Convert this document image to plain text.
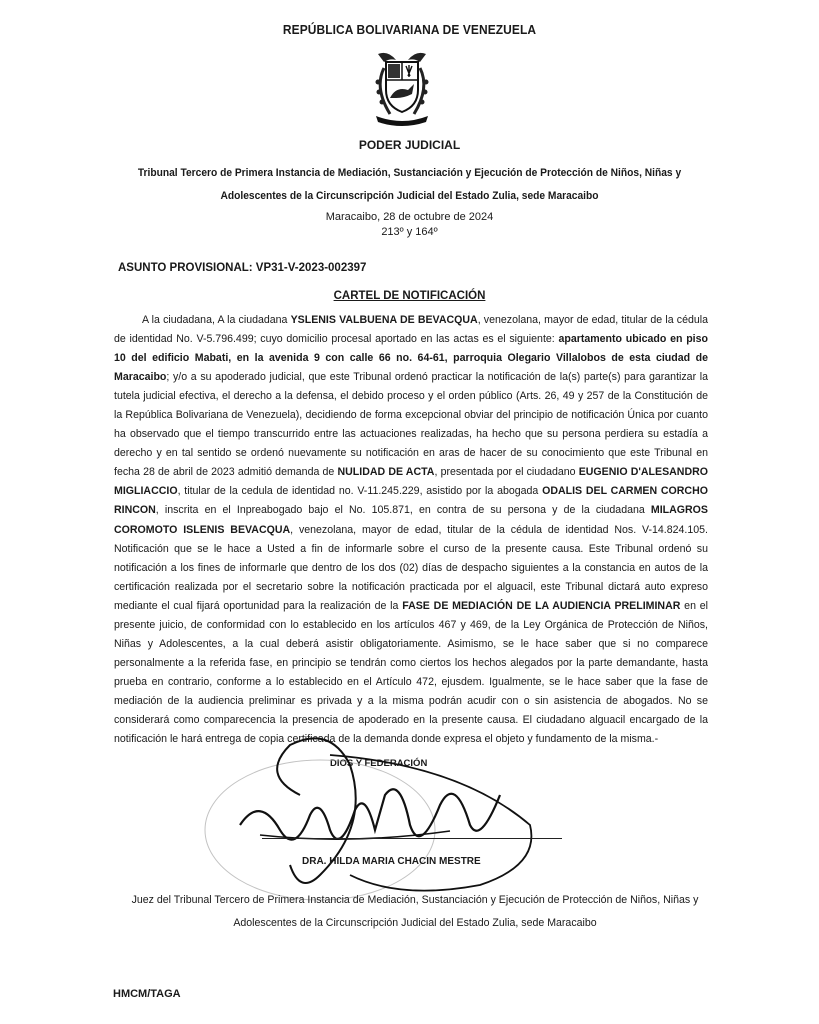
REPÚBLICA BOLIVARIANA DE VENEZUELA
PODER JUDICIAL
Tribunal Tercero de Primera Instancia de Mediación, Sustanciación y Ejecución de Protección de Niños, Niñas y
Adolescentes de la Circunscripción Judicial del Estado Zulia, sede Maracaibo
Maracaibo, 28 de octubre de 2024
213º y 164º
ASUNTO PROVISIONAL: VP31-V-2023-002397
CARTEL DE NOTIFICACIÓN

A la ciudadana, A la ciudadana YSLENIS VALBUENA DE BEVACQUA, venezolana, mayor de edad, titular de la cédula de identidad No. V-5.796.499; cuyo domicilio procesal aportado en las actas es el siguiente: apartamento ubicado en piso 10 del edificio Mabati, en la avenida 9 con calle 66 no. 64-61, parroquia Olegario Villalobos de esta ciudad de Maracaibo; y/o a su apoderado judicial, que este Tribunal ordenó practicar la notificación de la(s) parte(s) para garantizar la tutela judicial efectiva, el derecho a la defensa, el debido proceso y el orden público (Arts. 26, 49 y 257 de la Constitución de la República Bolivariana de Venezuela), decidiendo de forma excepcional obviar del principio de notificación Única por cuanto ha observado que el tiempo transcurrido entre las actuaciones realizadas, ha hecho que su persona perdiera su estadía a derecho y en tal sentido se ordenó nuevamente su notificación en aras de hacer de su conocimiento que este Tribunal en fecha 28 de abril de 2023 admitió demanda de NULIDAD DE ACTA, presentada por el ciudadano EUGENIO D'ALESANDRO MIGLIACCIO, titular de la cedula de identidad no. V-11.245.229, asistido por la abogada ODALIS DEL CARMEN CORCHO RINCON, inscrita en el Inpreabogado bajo el No. 105.871, en contra de su persona y de la ciudadana MILAGROS COROMOTO ISLENIS BEVACQUA, venezolana, mayor de edad, titular de la cédula de identidad Nos. V-14.824.105. Notificación que se le hace a Usted a fin de informarle sobre el curso de la presente causa. Este Tribunal ordenó su notificación a los fines de informarle que dentro de los dos (02) días de despacho siguientes a la constancia en autos de la certificación realizada por el secretario sobre la notificación practicada por el alguacil, este Tribunal dictará auto expreso mediante el cual fijará oportunidad para la realización de la FASE DE MEDIACIÓN DE LA AUDIENCIA PRELIMINAR en el presente juicio, de conformidad con lo establecido en los artículos 467 y 469, de la Ley Orgánica de Protección de Niños, Niñas y Adolescentes, a la cual deberá asistir obligatoriamente. Asimismo, se le hace saber que si no comparece personalmente a la referida fase, en principio se tendrán como ciertos los hechos alegados por la parte demandante, hasta prueba en contrario, conforme a lo establecido en el Artículo 472, ejusdem. Igualmente, se le hace saber que la fase de mediación de la audiencia preliminar es privada y a la misma podrán acudir con o sin asistencia de abogados. No se considerará como comparecencia la presencia de apoderado en la presente causa. El ciudadano alguacil encargado de la notificación le hará entrega de copia certificada de la demanda donde expresa el objeto y fundamento de la misma.-

DIOS Y FEDERACIÓN
DRA. HILDA MARIA CHACIN MESTRE
Juez del Tribunal Tercero de Primera Instancia de Mediación, Sustanciación y Ejecución de Protección de Niños, Niñas y
Adolescentes de la Circunscripción Judicial del Estado Zulia, sede Maracaibo
HMCM/TAGA
